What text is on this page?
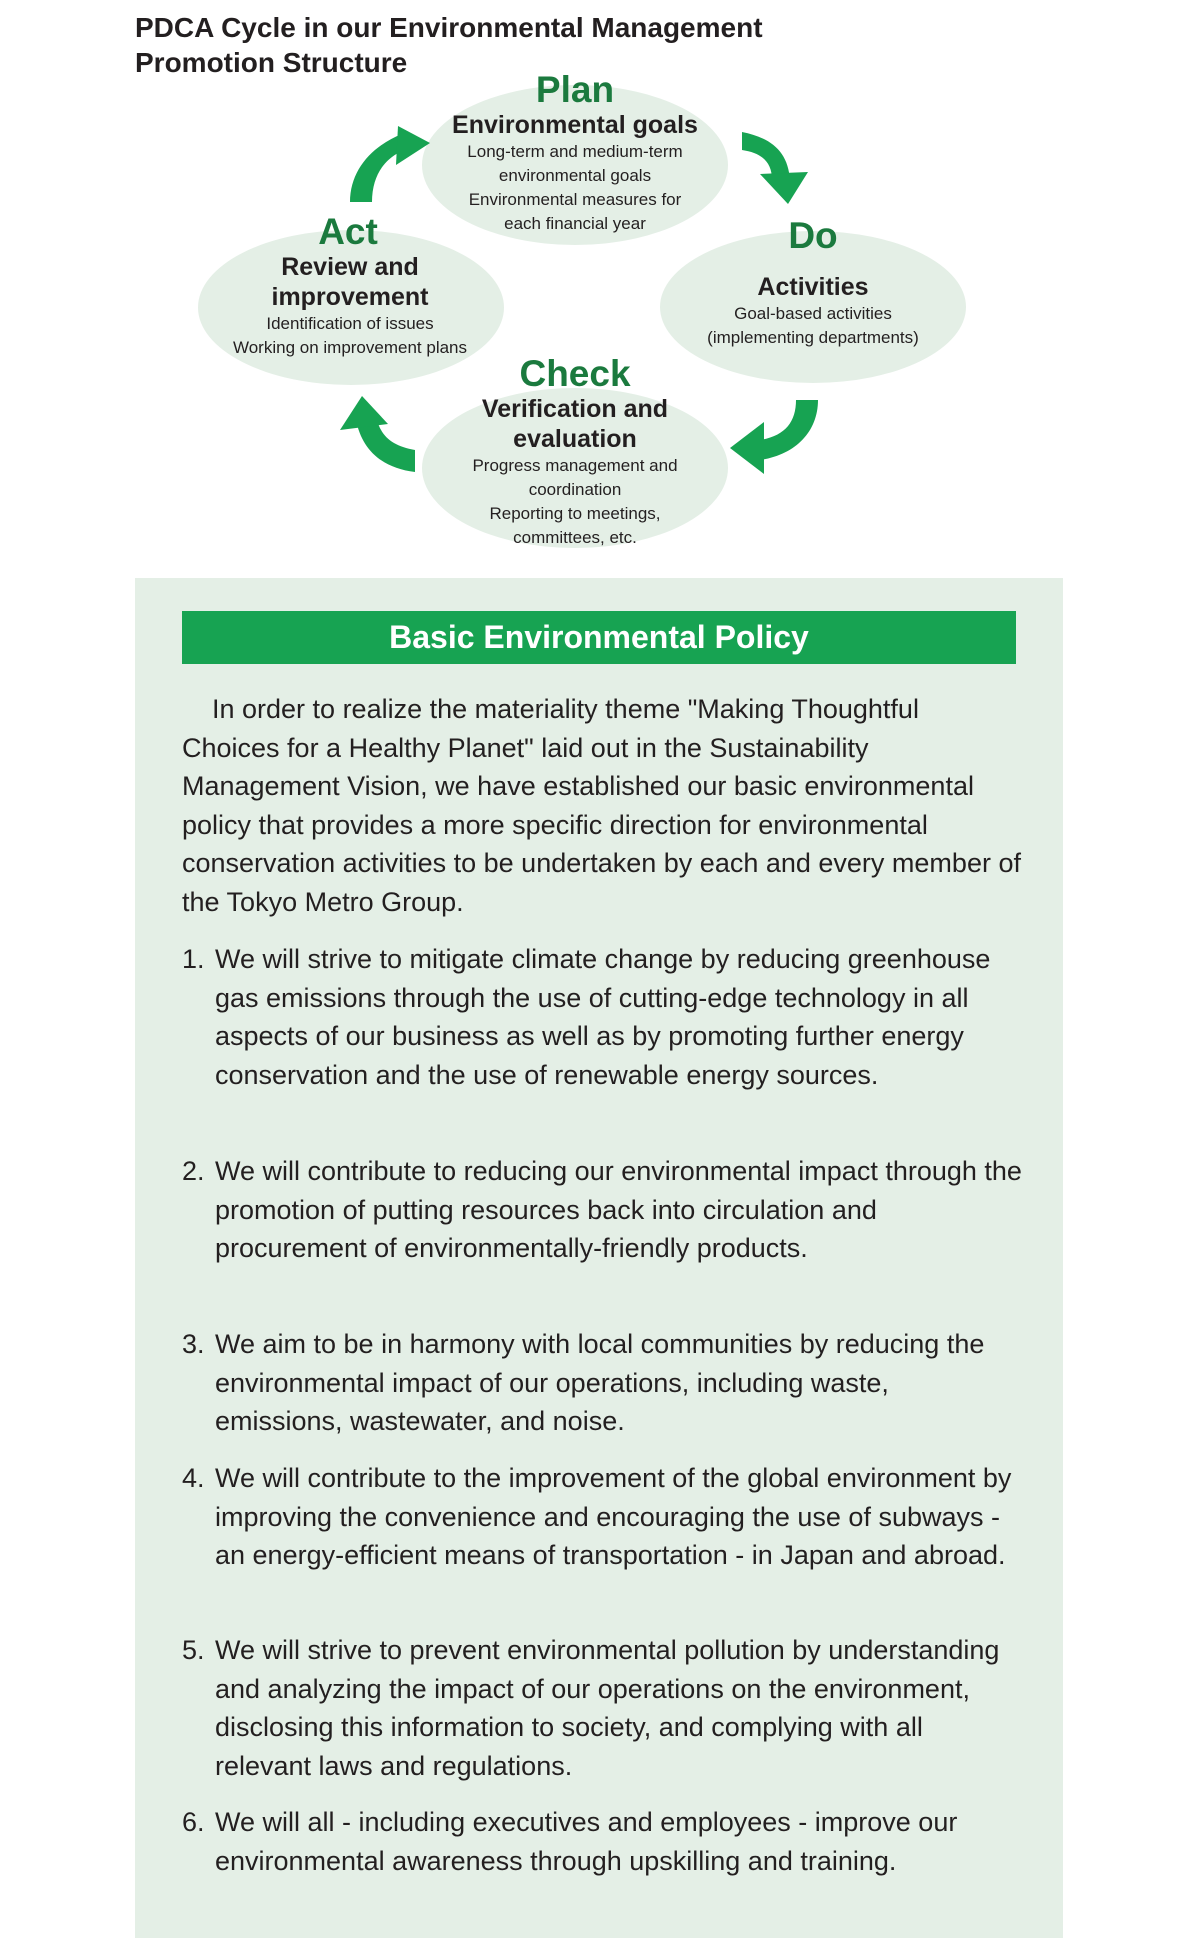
PDCA Cycle in our Environmental Management
Promotion Structure
Plan
Environmental goals
Long-term and medium-term
environmental goals
Environmental measures for
each financial year	Do
Activities
Goal-based activities
(implementing departments)
Check
Verification and
evaluation
Progress management and
coordination
Reporting to meetings,
committees, etc.
Act
Review and
improvement
Identification of issues
Working on improvement plans
Basic Environmental Policy
In order to realize the materiality theme "Making Thoughtful Choices for a Healthy Planet" laid out in the Sustainability Management Vision, we have established our basic environmental policy that provides a more specific direction for environmental conservation activities to be undertaken by each and every member of the Tokyo Metro Group.
1. We will strive to mitigate climate change by reducing greenhouse gas emissions through the use of cutting-edge technology in all aspects of our business as well as by promoting further energy conservation and the use of renewable energy sources.
2. We will contribute to reducing our environmental impact through the promotion of putting resources back into circulation and procurement of environmentally-friendly products.
3. We aim to be in harmony with local communities by reducing the environmental impact of our operations, including waste, emissions, wastewater, and noise.
4. We will contribute to the improvement of the global environment by improving the convenience and encouraging the use of subways - an energy-efficient means of transportation - in Japan and abroad.
5. We will strive to prevent environmental pollution by understanding and analyzing the impact of our operations on the environment, disclosing this information to society, and complying with all relevant laws and regulations.
6. We will all - including executives and employees - improve our environmental awareness through upskilling and training.
